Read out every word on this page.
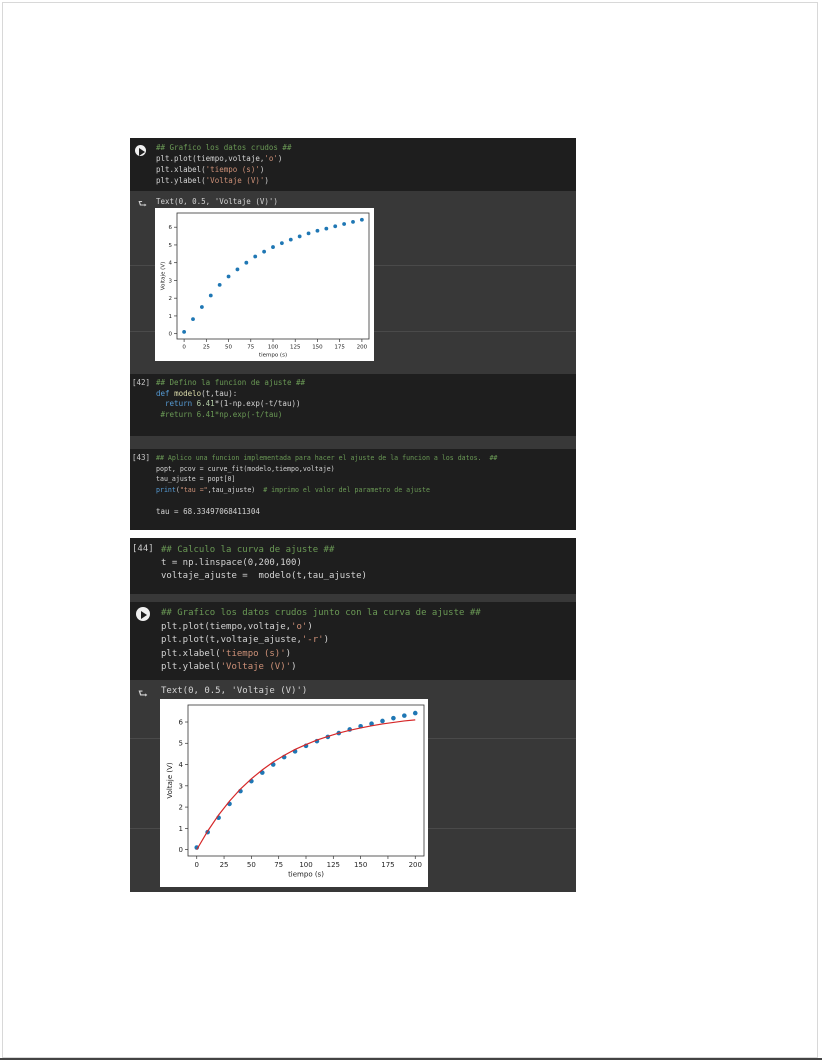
## Grafico los datos crudos ##
plt.plot(tiempo,voltaje,'o')
plt.xlabel('tiempo (s)')
plt.ylabel('Voltaje (V)')
⮑ Text(0, 0.5, 'Voltaje (V)')
0	25	50	75 100 125 150 175 200
0
1
2
3
4
5
6
tiempo (s)
Voltaje (V)
[42] ## Defino la funcion de ajuste ##
def modelo(t,tau):
return 6.41*(1-np.exp(-t/tau))
#return 6.41*np.exp(-t/tau)
[43] ## Aplico una funcion implementada para hacer el ajuste de la funcion a los datos.  ##
popt, pcov = curve_fit(modelo,tiempo,voltaje)
tau_ajuste = popt[0]
print("tau =",tau_ajuste)  # imprimo el valor del parametro de ajuste
tau = 68.33497068411304
[44] ## Calculo la curva de ajuste ##
t = np.linspace(0,200,100)
voltaje_ajuste =  modelo(t,tau_ajuste)
## Grafico los datos crudos junto con la curva de ajuste ##
plt.plot(tiempo,voltaje,'o')
plt.plot(t,voltaje_ajuste,'-r')
plt.xlabel('tiempo (s)')
plt.ylabel('Voltaje (V)')
⮑ Text(0, 0.5, 'Voltaje (V)')
0	25	50	75 100 125 150 175 200
0
1
2
3
4
5
6
tiempo (s)
Voltaje (V)
